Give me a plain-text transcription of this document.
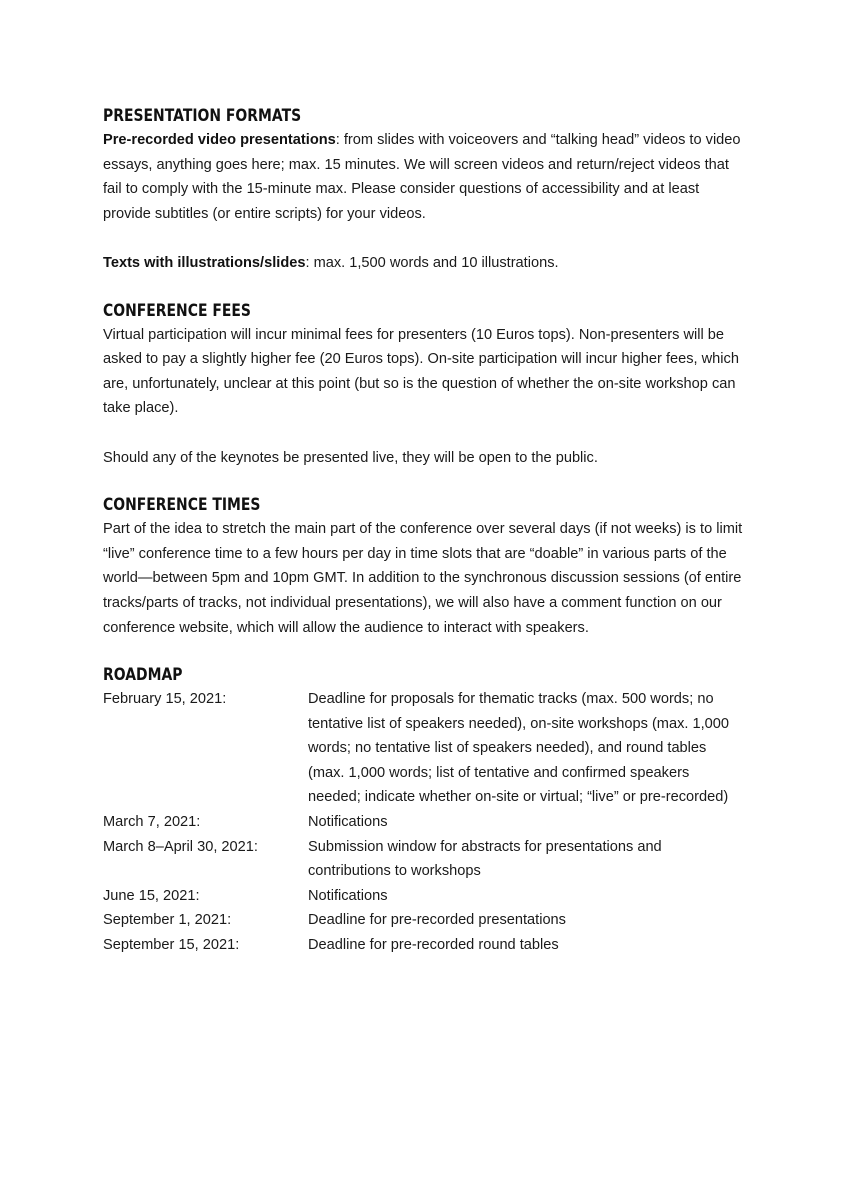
PRESENTATION FORMATS

Pre-recorded video presentations: from slides with voiceovers and “talking head” videos to video essays, anything goes here; max. 15 minutes. We will screen videos and return/reject videos that fail to comply with the 15-minute max. Please consider questions of accessibility and at least provide subtitles (or entire scripts) for your videos.

Texts with illustrations/slides: max. 1,500 words and 10 illustrations.

CONFERENCE FEES

Virtual participation will incur minimal fees for presenters (10 Euros tops). Non-presenters will be asked to pay a slightly higher fee (20 Euros tops). On-site participation will incur higher fees, which are, unfortunately, unclear at this point (but so is the question of whether the on-site workshop can take place).

Should any of the keynotes be presented live, they will be open to the public.

CONFERENCE TIMES

Part of the idea to stretch the main part of the conference over several days (if not weeks) is to limit “live” conference time to a few hours per day in time slots that are “doable” in various parts of the world—between 5pm and 10pm GMT. In addition to the synchronous discussion sessions (of entire tracks/parts of tracks, not individual presentations), we will also have a comment function on our conference website, which will allow the audience to interact with speakers.

ROADMAP
February 15, 2021:	Deadline for proposals for thematic tracks (max. 500 words; no tentative list of speakers needed), on-site workshops (max. 1,000 words; no tentative list of speakers needed), and round tables (max. 1,000 words; list of tentative and confirmed speakers needed; indicate whether on-site or virtual; “live” or pre-recorded)
March 7, 2021:	Notifications
March 8–April 30, 2021:	Submission window for abstracts for presentations and contributions to workshops
June 15, 2021:	Notifications
September 1, 2021:	Deadline for pre-recorded presentations
September 15, 2021:	Deadline for pre-recorded round tables
